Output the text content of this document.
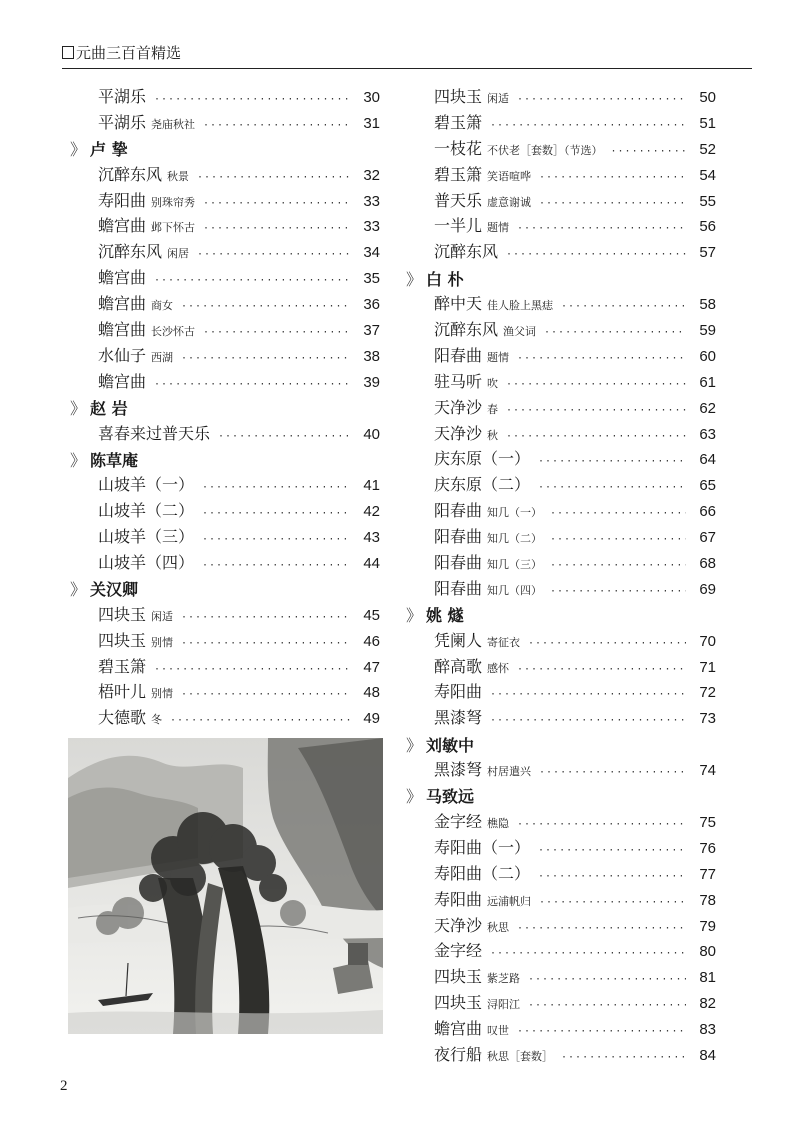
元曲三百首精选
平湖乐 ·····	30
平湖乐 尧庙秋社 ·····	31
》 卢 挚
沉醉东风 秋景 ·····	32
寿阳曲 别珠帘秀 ·····	33
蟾宫曲 邺下怀古 ·····	33
沉醉东风 闲居 ·····	34
蟾宫曲 ·····	35
蟾宫曲 商女 ·····	36
蟾宫曲 长沙怀古 ·····	37
水仙子 西湖 ·····	38
蟾宫曲 ·····	39
》 赵 岩
喜春来过普天乐 ·····	40
》 陈草庵
山坡羊（一） ·····	41
山坡羊（二） ·····	42
山坡羊（三） ·····	43
山坡羊（四） ·····	44
》 关汉卿
四块玉 闲适 ·····	45
四块玉 别情 ·····	46
碧玉箫 ·····	47
梧叶儿 别情 ·····	48
大德歌 冬 ·····	49
四块玉 闲适 ·····	50
碧玉箫 ·····	51
一枝花 不伏老［套数］（节选） ·····	52
碧玉箫 笑语喧哗 ·····	54
普天乐 虚意谢诚 ·····	55
一半儿 题情 ·····	56
沉醉东风 ·····	57
》 白 朴
醉中天 佳人脸上黑痣 ·····	58
沉醉东风 渔父词 ·····	59
阳春曲 题情 ·····	60
驻马听 吹 ·····	61
天净沙 春 ·····	62
天净沙 秋 ·····	63
庆东原（一） ·····	64
庆东原（二） ·····	65
阳春曲 知几（一） ·····	66
阳春曲 知几（二） ·····	67
阳春曲 知几（三） ·····	68
阳春曲 知几（四） ·····	69
》 姚 燧
凭阑人 寄征衣 ·····	70
醉高歌 感怀 ·····	71
寿阳曲 ·····	72
黑漆弩 ·····	73
》 刘敏中
黑漆弩 村居遣兴 ·····	74
》 马致远
金字经 樵隐 ·····	75
寿阳曲（一） ·····	76
寿阳曲（二） ·····	77
寿阳曲 远浦帆归 ·····	78
天净沙 秋思 ·····	79
金字经 ·····	80
四块玉 紫芝路 ·····	81
四块玉 浔阳江 ·····	82
蟾宫曲 叹世 ·····	83
夜行船 秋思［套数］ ·····	84
2
